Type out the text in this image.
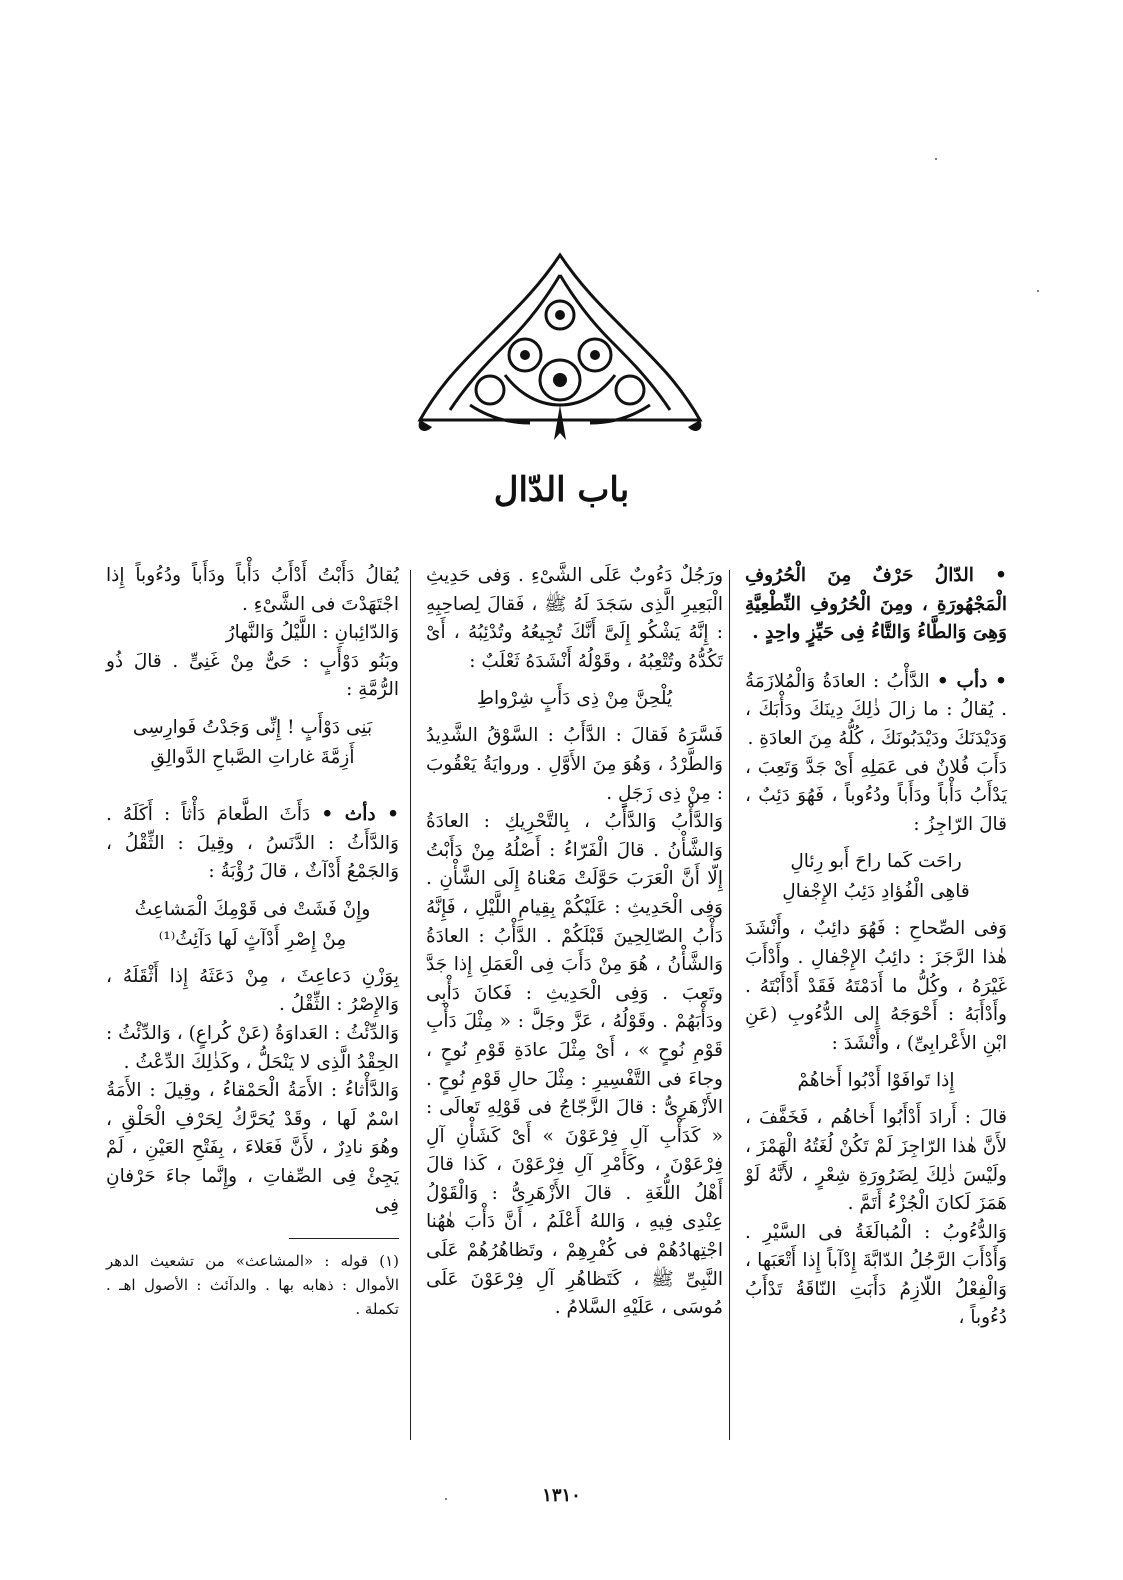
باب الدّال
• الدّالُ حَرْفٌ مِنَ الْحُرُوفِ الْمَجْهُورَةِ ، ومِنَ الْحُرُوفِ النِّطْعِيَّةِ وَهِىَ وَالطَّاءُ وَالتَّاءُ فِى حَيِّزٍ واحِدٍ .
• دأب • الدَّأْبُ : العادَةُ وَالْمُلازَمَةُ . يُقالُ : ما زالَ ذٰلِكَ دِينَكَ ودَأْبَكَ ، وَدَيْدَنَكَ ودَيْدَبُونَكَ ، كُلُّهُ مِنَ العادَةِ .
دَأَبَ فُلانٌ فى عَمَلِهِ أَىْ جَدَّ وَتَعِبَ ، يَدْأَبُ دَأْباً ودَأَباً ودُءُوباً ، فَهُوَ دَئِبٌ ، قالَ الرّاجِزُ :
راحَت كَما راحَ أَبو رِئالِ
قاهِى الْفُؤادِ دَئِبُ الإِجْفالِ
وَفى الصِّحاحِ : فَهُوَ دائِبٌ ، وأَنْشَدَ هٰذا الرَّجَزَ : دائِبُ الإِجْفالِ . وأَدْأَبَ غَيْرَهُ ، وكُلُّ ما أَدَمْتَهُ فَقَدْ أَدْأَبْتَهُ . وأَدْأَبَهُ : أَحْوَجَهُ إِلى الدُّءُوبِ (عَنِ ابْنِ الأَعْرابِىِّ) ، وأَنْشَدَ :
إِذا تَوافَوْا أَدْبُوا أَخاهُمْ
قالَ : أَرادَ أَدْأَبُوا أَخاهُم ، فَخَفَّفَ ، لأَنَّ هٰذا الرّاجِزَ لَمْ تَكُنْ لُغَتُهُ الْهَمْزَ ، ولَيْسَ ذٰلِكَ لِضَرُورَةِ شِعْرٍ ، لأَنَّهُ لَوْ هَمَزَ لَكانَ الْجُزْءُ أَتَمَّ .
وَالدُّءُوبُ : الْمُبالَغَةُ فى السَّيْرِ . وَأَدْأَبَ الرَّجُلُ الدّابَّةَ إِدْآباً إِذا أَتْعَبَها ، وَالْفِعْلُ اللّازِمُ دَأَبَتِ النّاقَةُ تَدْأَبُ دُءُوباً ،
ورَجُلٌ دَءُوبٌ عَلَى الشَّىْءِ . وَفى حَدِيثِ الْبَعِيرِ الَّذِى سَجَدَ لَهُ ﷺ ، فَقالَ لِصاحِبِهِ : إِنَّهُ يَشْكُو إِلَىَّ أَنَّكَ تُجِيعُهُ وتُدْئِبُهُ ، أَىْ تَكُدُّهُ وتُتْعِبُهُ ، وقَوْلُهُ أَنْشَدَهُ ثَعْلَبٌ :
يُلْحِنَّ مِنْ ذِى دَأَبٍ شِرْواطِ
فَسَّرَهُ فَقالَ : الدَّأَبُ : السَّوْقُ الشَّدِيدُ وَالطَّرْدُ ، وَهُوَ مِنَ الأَوَّلِ . وروايَةُ يَعْقُوبَ : مِنْ ذِى زَجَلٍ .
وَالدَّأْبُ وَالدَّأَبُ ، بِالتَّحْرِيكِ : العادَةُ وَالشَّأْنُ . قالَ الْفَرّاءُ : أَصْلُهُ مِنْ دَأَبْتُ إِلّا أَنَّ الْعَرَبَ حَوَّلَتْ مَعْناهُ إِلَى الشَّأْنِ . وَفِى الْحَدِيثِ : عَلَيْكُمْ بِقِيامِ اللَّيْلِ ، فَإِنَّهُ دَأْبُ الصّالِحِينَ قَبْلَكُمْ . الدَّأْبُ : العادَةُ وَالشَّأْنُ ، هُوَ مِنْ دَأَبَ فِى الْعَمَلِ إِذا جَدَّ وتَعِبَ . وَفِى الْحَدِيثِ : فَكانَ دَأْبِى ودَأْبَهُمْ . وقَوْلُهُ ، عَزَّ وجَلَّ : « مِثْلَ دَأْبِ قَوْمِ نُوحٍ » ، أَىْ مِثْلَ عادَةِ قَوْمِ نُوحٍ ، وجاءَ فى التَّفْسِيرِ : مِثْلَ حالِ قَوْمِ نُوحٍ . الأَزْهَرِىُّ : قالَ الزَّجّاجُ فى قَوْلِهِ تَعالَى : « كَدَأْبِ آلِ فِرْعَوْنَ » أَىْ كَشَأْنِ آلِ فِرْعَوْنَ ، وكَأَمْرِ آلِ فِرْعَوْنَ ، كَذا قالَ أَهْلُ اللُّغَةِ . قالَ الأَزْهَرِىُّ : وَالْقَوْلُ عِنْدِى فِيهِ ، وَاللهُ أَعْلَمُ ، أَنَّ دَأْبَ هٰهُنا اجْتِهادُهُمْ فى كُفْرِهِمْ ، وتَظاهُرُهُمْ عَلَى النَّبِىِّ ﷺ ، كَتَظاهُرِ آلِ فِرْعَوْنَ عَلَى مُوسَى ، عَلَيْهِ السَّلامُ .
يُقالُ دَأَبْتُ أَدْأَبُ دَأْباً ودَأَباً ودُءُوباً إِذا اجْتَهَدْتَ فى الشَّىْءِ .
وَالدّائِبانِ : اللَّيْلُ وَالنَّهارُ
وبَنُو دَوْأَبٍ : حَىٌّ مِنْ غَنِىٍّ . قالَ ذُو الرُّمَّةِ :
بَنِى دَوْأَبٍ ! إِنِّى وَجَدْتُ فَوارِسِى
أَزِمَّةَ غاراتِ الصَّباحِ الدَّوالِقِ
• دأث • دَأَثَ الطَّعامَ دَأْثاً : أَكَلَهُ . وَالدَّأَثُ : الدَّنَسُ ، وقِيلَ : الثِّقْلُ ، وَالجَمْعُ أَدْآثٌ ، قالَ رُؤْبَةُ :
وإِنْ فَشَتْ فى قَوْمِكَ الْمَشاعِثُ
مِنْ إِصْرِ أَدْآثٍ لَها دَآئِثُ⁽¹⁾
بِوَزْنِ دَعاعِثَ ، مِنْ دَعَثَهُ إِذا أَثْقَلَهُ ، وَالإِصْرُ : الثِّقْلُ .
وَالدِّئْثُ : العَداوَةُ (عَنْ كُراعٍ) ، وَالدِّئْثُ : الحِقْدُ الَّذِى لا يَنْحَلُّ ، وكَذٰلِكَ الدِّعْثُ .
وَالدَّأْثاءُ : الأَمَةُ الْحَمْقاءُ ، وقِيلَ : الأَمَةُ اسْمٌ لَها ، وقَدْ يُحَرَّكُ لِحَرْفِ الْحَلْقِ ، وهُوَ نادِرٌ ، لأَنَّ فَعَلاءَ ، بِفَتْحِ العَيْنِ ، لَمْ يَجِئْ فِى الصِّفاتِ ، وإِنَّما جاءَ حَرْفانِ فِى
(١) قوله : «المشاعث» من تشعيث الدهر الأموال : ذهابه بها . والدآئث : الأصول اهـ . تكملة .
١٣١٠
